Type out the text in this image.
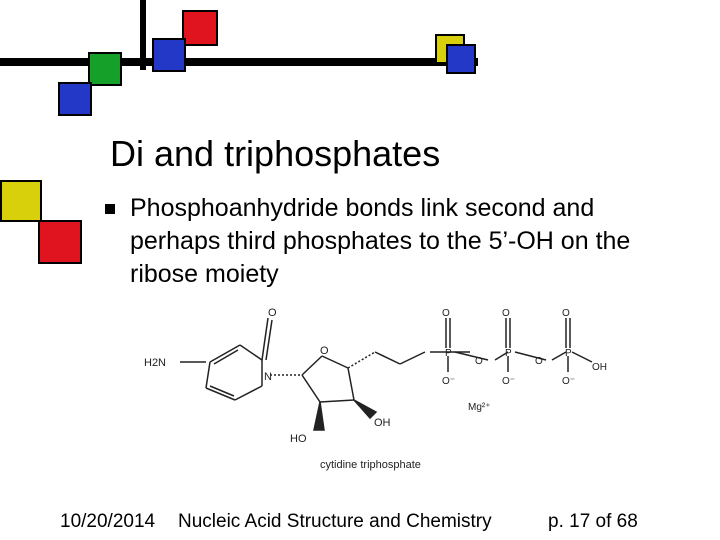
Di and triphosphates
Phosphoanhydride bonds link second and perhaps third phosphates to the 5’-OH on the ribose moiety
H2N
N
O
O
HO
OH
O
P
O⁻
O
O
P
O⁻
O
O
P
O⁻
OH
Mg²⁺
cytidine triphosphate
10/20/2014 Nucleic Acid Structure and Chemistry	p. 17 of 68
